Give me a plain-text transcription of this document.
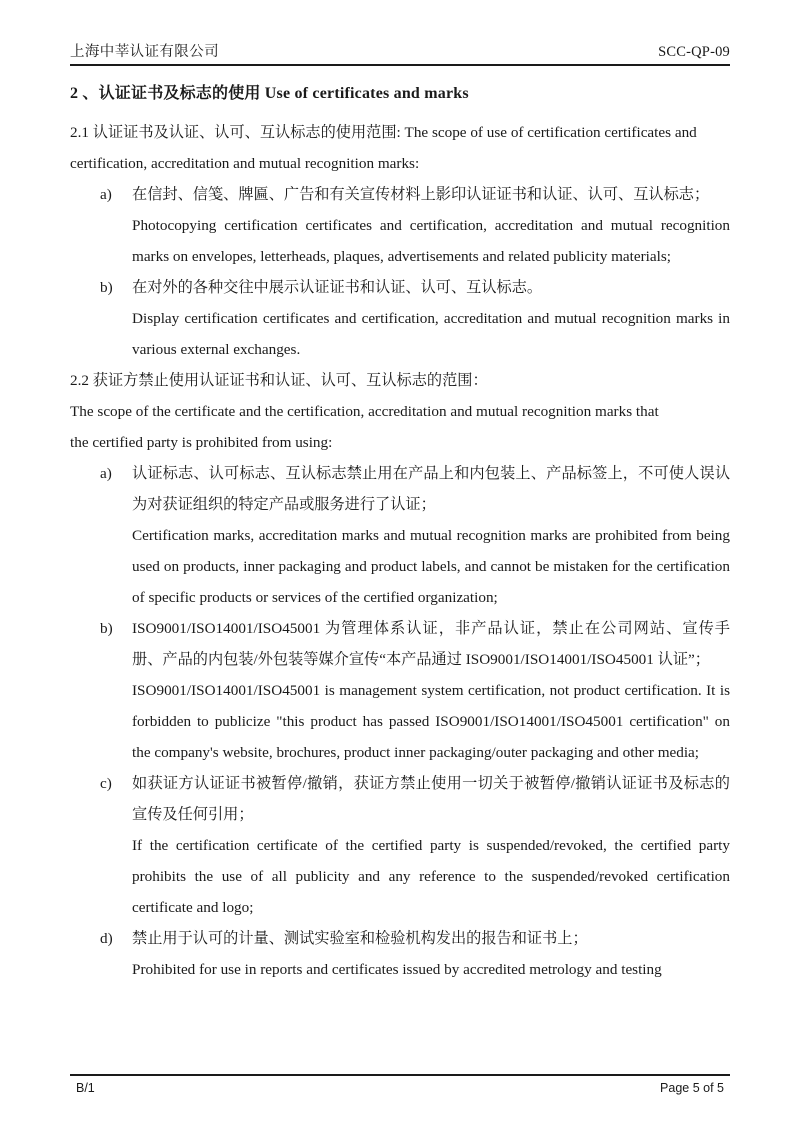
上海中莘认证有限公司	SCC-QP-09
2 、认证证书及标志的使用 Use of certificates and marks

2.1 认证证书及认证、认可、互认标志的使用范围: The scope of use of certification certificates and

certification, accreditation and mutual recognition marks:

a)	在信封、信笺、牌匾、广告和有关宣传材料上影印认证证书和认证、认可、互认标志；

Photocopying certification certificates and certification, accreditation and mutual recognition marks on envelopes, letterheads, plaques, advertisements and related publicity materials;

b)	在对外的各种交往中展示认证证书和认证、认可、互认标志。

Display certification certificates and certification, accreditation and mutual recognition marks in various external exchanges.

2.2 获证方禁止使用认证证书和认证、认可、互认标志的范围：

The scope of the certificate and the certification, accreditation and mutual recognition marks that

the certified party is prohibited from using:

a)	认证标志、认可标志、互认标志禁止用在产品上和内包装上、产品标签上，不可使人误认为对获证组织的特定产品或服务进行了认证；

Certification marks, accreditation marks and mutual recognition marks are prohibited from being used on products, inner packaging and product labels, and cannot be mistaken for the certification of specific products or services of the certified organization;

b)	ISO9001/ISO14001/ISO45001 为管理体系认证，非产品认证，禁止在公司网站、宣传手册、产品的内包装/外包装等媒介宣传“本产品通过 ISO9001/ISO14001/ISO45001 认证”；

ISO9001/ISO14001/ISO45001 is management system certification, not product certification. It is forbidden to publicize "this product has passed ISO9001/ISO14001/ISO45001 certification" on the company's website, brochures, product inner packaging/outer packaging and other media;

c)	如获证方认证证书被暂停/撤销，获证方禁止使用一切关于被暂停/撤销认证证书及标志的宣传及任何引用；

If the certification certificate of the certified party is suspended/revoked, the certified party prohibits the use of all publicity and any reference to the suspended/revoked certification certificate and logo;

d)	禁止用于认可的计量、测试实验室和检验机构发出的报告和证书上；

Prohibited for use in reports and certificates issued by accredited metrology and testing

B/1	Page 5 of 5
